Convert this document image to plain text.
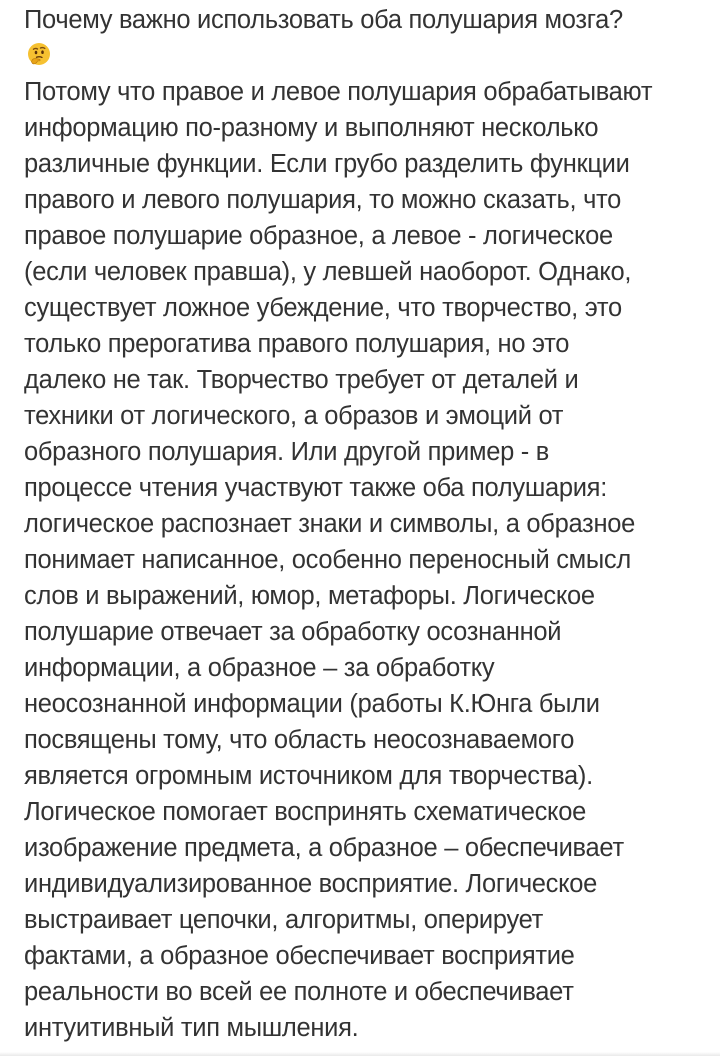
Почему важно использовать оба полушария мозга?

Потому что правое и левое полушария обрабатывают
информацию по-разному и выполняют несколько
различные функции. Если грубо разделить функции
правого и левого полушария, то можно сказать, что
правое полушарие образное, а левое - логическое
(если человек правша), у левшей наоборот. Однако,
существует ложное убеждение, что творчество, это
только прерогатива правого полушария, но это
далеко не так. Творчество требует от деталей и
техники от логического, а образов и эмоций от
образного полушария. Или другой пример - в
процессе чтения участвуют также оба полушария:
логическое распознает знаки и символы, а образное
понимает написанное, особенно переносный смысл
слов и выражений, юмор, метафоры. Логическое
полушарие отвечает за обработку осознанной
информации, а образное – за обработку
неосознанной информации (работы К.Юнга были
посвящены тому, что область неосознаваемого
является огромным источником для творчества).
Логическое помогает воспринять схематическое
изображение предмета, а образное – обеспечивает
индивидуализированное восприятие. Логическое
выстраивает цепочки, алгоритмы, оперирует
фактами, а образное обеспечивает восприятие
реальности во всей ее полноте и обеспечивает
интуитивный тип мышления.
